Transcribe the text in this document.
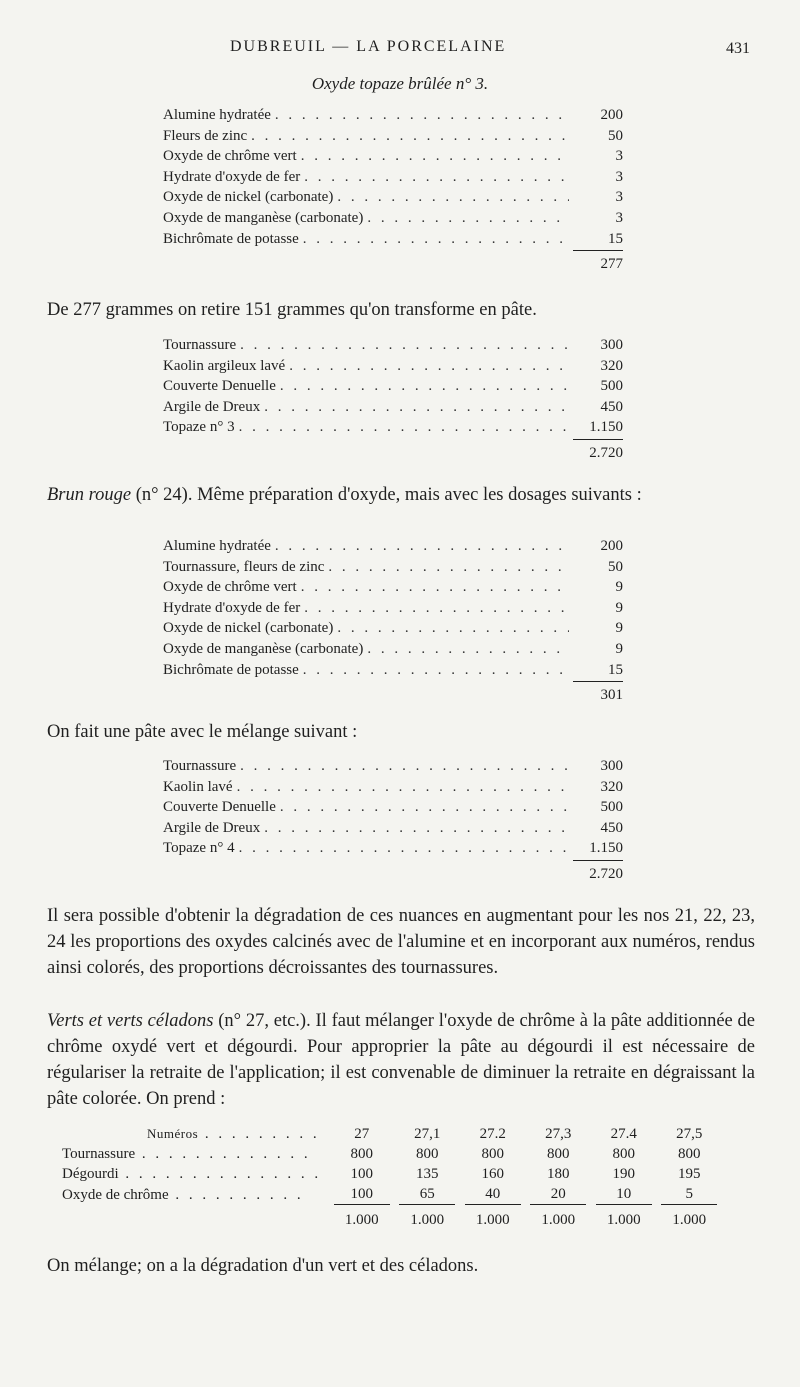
DUBREUIL — LA PORCELAINE	431
Oxyde topaze brûlée n° 3.
Alumine hydratée . . .	200
Fleurs de zinc . . .	50
Oxyde de chrôme vert . . .	3
Hydrate d'oxyde de fer . . .	3
Oxyde de nickel (carbonate) . . .	3
Oxyde de manganèse (carbonate) . . .	3
Bichrômate de potasse . . .	15
277
De 277 grammes on retire 151 grammes qu'on transforme en pâte.
Tournassure . . .	300
Kaolin argileux lavé . . .	320
Couverte Denuelle . . .	500
Argile de Dreux . . .	450
Topaze n° 3 . . .	1.150
2.720
Brun rouge (n° 24). Même préparation d'oxyde, mais avec les dosages suivants :
Alumine hydratée . . .	200
Tournassure, fleurs de zinc . . .	50
Oxyde de chrôme vert . . .	9
Hydrate d'oxyde de fer . . .	9
Oxyde de nickel (carbonate) . . .	9
Oxyde de manganèse (carbonate) . . .	9
Bichrômate de potasse . . .	15
301
On fait une pâte avec le mélange suivant :
Tournassure . . .	300
Kaolin lavé . . .	320
Couverte Denuelle . . .	500
Argile de Dreux . . .	450
Topaze n° 4 . . .	1.150
2.720
Il sera possible d'obtenir la dégradation de ces nuances en augmentant pour les nos 21, 22, 23, 24 les proportions des oxydes calcinés avec de l'alumine et en incorporant aux numéros, rendus ainsi colorés, des proportions décroissantes des tournassures.
Verts et verts céladons (n° 27, etc.). Il faut mélanger l'oxyde de chrôme à la pâte additionnée de chrôme oxydé vert et dégourdi. Pour approprier la pâte au dégourdi il est nécessaire de régulariser la retraite de l'application; il est convenable de diminuer la retraite en dégraissant la pâte colorée. On prend :
Numéros . . . . . . . . .	27	27,1	27.2	27,3	27.4	27,5
Tournassure . . . . . . . . . . . . .	800	800	800	800	800	800
Dégourdi . . . . . . . . . . . . . . .	100	135	160	180	190	195
Oxyde de chrôme . . . . . . . . . .	100	65	40	20	10	5
	1.000	1.000	1.000	1.000	1.000	1.000
On mélange; on a la dégradation d'un vert et des céladons.
